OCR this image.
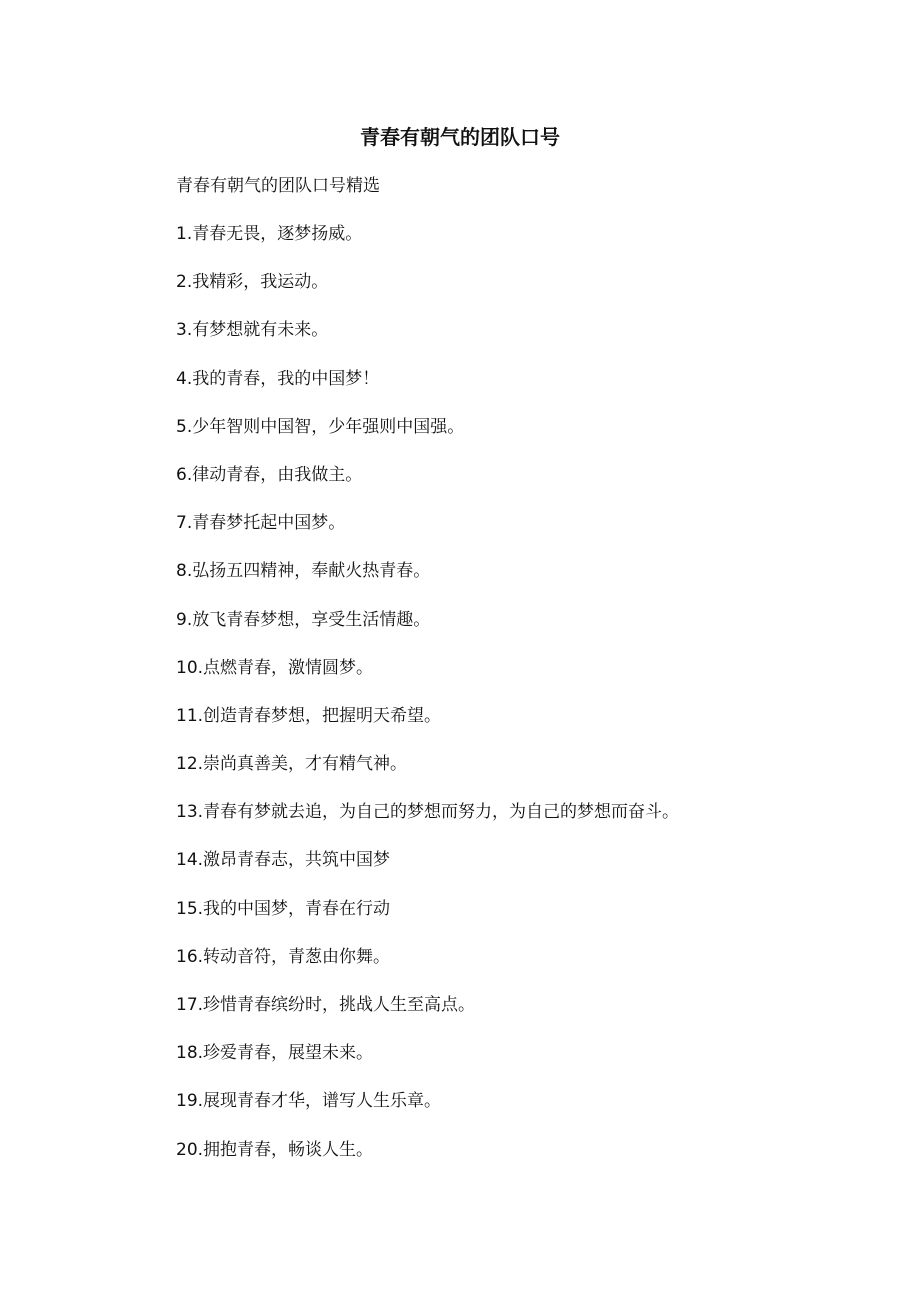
青春有朝气的团队口号

青春有朝气的团队口号精选

1.青春无畏，逐梦扬威。
2.我精彩，我运动。
3.有梦想就有未来。
4.我的青春，我的中国梦！
5.少年智则中国智，少年强则中国强。
6.律动青春，由我做主。
7.青春梦托起中国梦。
8.弘扬五四精神，奉献火热青春。
9.放飞青春梦想，享受生活情趣。
10.点燃青春，激情圆梦。
11.创造青春梦想，把握明天希望。
12.崇尚真善美，才有精气神。
13.青春有梦就去追，为自己的梦想而努力，为自己的梦想而奋斗。
14.激昂青春志，共筑中国梦
15.我的中国梦，青春在行动
16.转动音符，青葱由你舞。
17.珍惜青春缤纷时，挑战人生至高点。
18.珍爱青春，展望未来。
19.展现青春才华，谱写人生乐章。
20.拥抱青春，畅谈人生。
